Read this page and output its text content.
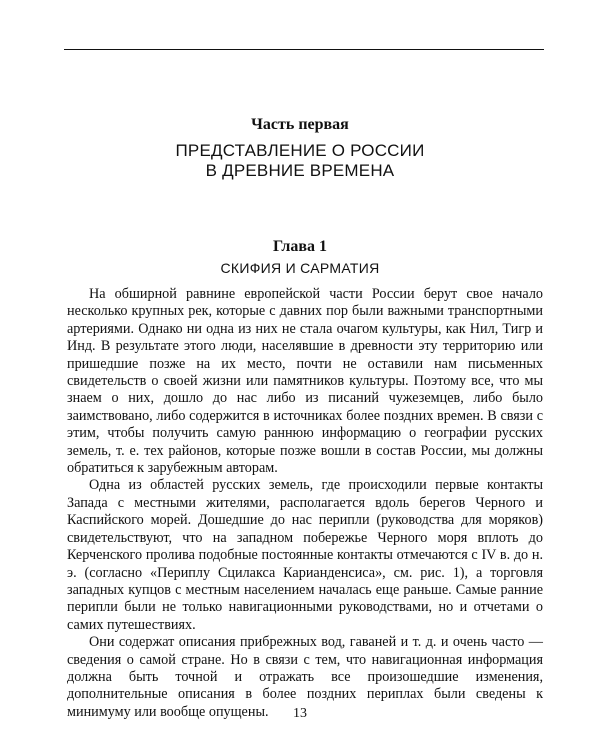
Часть первая
ПРЕДСТАВЛЕНИЕ О РОССИИ
В ДРЕВНИЕ ВРЕМЕНА
Глава 1
СКИФИЯ И САРМАТИЯ

На обширной равнине европейской части России берут свое начало несколько крупных рек, которые с давних пор были важными транспортными артериями. Однако ни одна из них не стала очагом культуры, как Нил, Тигр и Инд. В результате этого люди, населявшие в древности эту территорию или пришедшие позже на их место, почти не оставили нам письменных свидетельств о своей жизни или памятников культуры. Поэтому все, что мы знаем о них, дошло до нас либо из писаний чужеземцев, либо было заимствовано, либо содержится в источниках более поздних времен. В связи с этим, чтобы получить самую раннюю информацию о географии русских земель, т. е. тех районов, которые позже вошли в состав России, мы должны обратиться к зарубежным авторам.

Одна из областей русских земель, где происходили первые контакты Запада с местными жителями, располагается вдоль берегов Черного и Каспийского морей. Дошедшие до нас перипли (руководства для моряков) свидетельствуют, что на западном побережье Черного моря вплоть до Керченского пролива подобные постоянные контакты отмечаются с IV в. до н. э. (согласно «Периплу Сцилакса Карианденсиса», см. рис. 1), а торговля западных купцов с местным населением началась еще раньше. Самые ранние перипли были не только навигационными руководствами, но и отчетами о самих путешествиях.

Они содержат описания прибрежных вод, гаваней и т. д. и очень часто — сведения о самой стране. Но в связи с тем, что навигационная информация должна быть точной и отражать все произошедшие изменения, дополнительные описания в более поздних периплах были сведены к минимуму или вообще опущены.	13
